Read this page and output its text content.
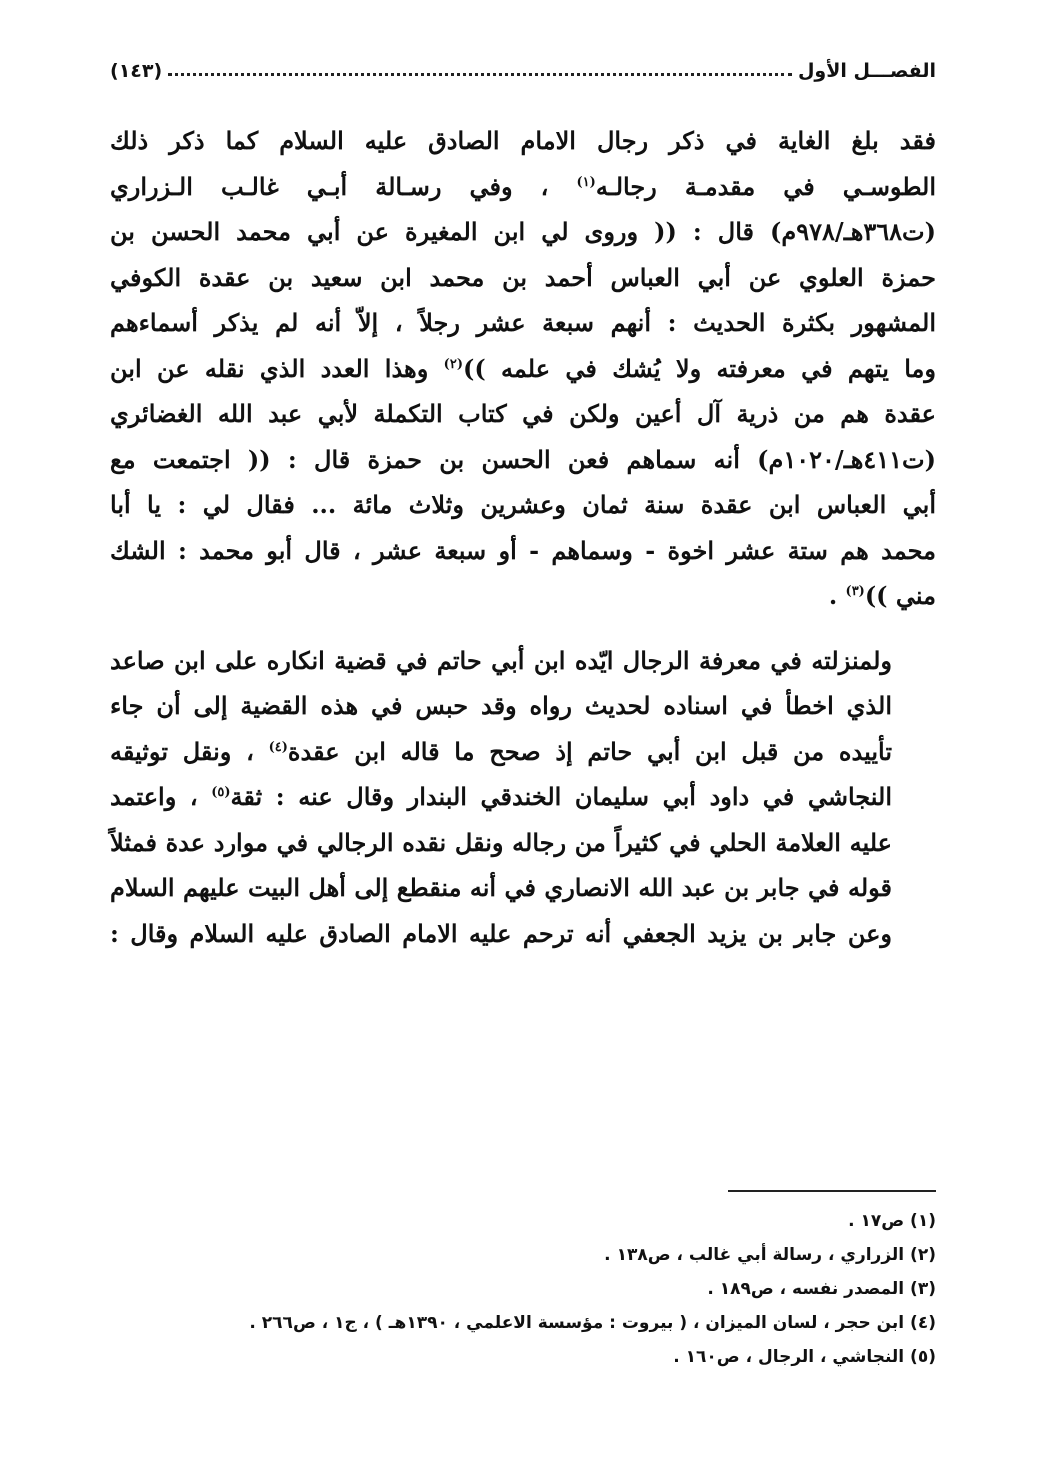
الفصـــل الأول
(١٤٣)
فقد بلغ الغاية في ذكر رجال الامام الصادق عليه السلام كما ذكر ذلك
الطوسـي في مقدمـة رجالـه$^{(١)}$ ، وفي رسـالة أبـي غالـب الـزراري
(ت٣٦٨هـ/٩٧٨م) قال : (( وروى لي ابن المغيرة عن أبي محمد الحسن بن
حمزة العلوي عن أبي العباس أحمد بن محمد ابن سعيد بن عقدة الكوفي
المشهور بكثرة الحديث : أنهم سبعة عشر رجلاً ، إلاّ أنه لم يذكر أسماءهم
وما يتهم في معرفته ولا يُشك في علمه ))$^{(٢)}$ وهذا العدد الذي نقله عن ابن
عقدة هم من ذرية آل أعين ولكن في كتاب التكملة لأبي عبد الله الغضائري
(ت٤١١هـ/١٠٢٠م) أنه سماهم فعن الحسن بن حمزة قال : (( اجتمعت مع
أبي العباس ابن عقدة سنة ثمان وعشرين وثلاث مائة ... فقال لي : يا أبا
محمد هم ستة عشر اخوة - وسماهم - أو سبعة عشر ، قال أبو محمد : الشك
مني ))$^{(٣)}$ .
ولمنزلته في معرفة الرجال ايّده ابن أبي حاتم في قضية انكاره على ابن صاعد
الذي اخطأ في اسناده لحديث رواه وقد حبس في هذه القضية إلى أن جاء
تأييده من قبل ابن أبي حاتم إذ صحح ما قاله ابن عقدة$^{(٤)}$ ، ونقل توثيقه
النجاشي في داود أبي سليمان الخندقي البندار وقال عنه : ثقة$^{(٥)}$ ، واعتمد
عليه العلامة الحلي في كثيراً من رجاله ونقل نقده الرجالي في موارد عدة فمثلاً
قوله في جابر بن عبد الله الانصاري في أنه منقطع إلى أهل البيت عليهم السلام
وعن جابر بن يزيد الجعفي أنه ترحم عليه الامام الصادق عليه السلام وقال :
(١) ص١٧ .
(٢) الزراري ، رسالة أبي غالب ، ص١٣٨ .
(٣) المصدر نفسه ، ص١٨٩ .
(٤) ابن حجر ، لسان الميزان ، ( بيروت : مؤسسة الاعلمي ، ١٣٩٠هـ ) ، ج١ ، ص٢٦٦ .
(٥) النجاشي ، الرجال ، ص١٦٠ .
